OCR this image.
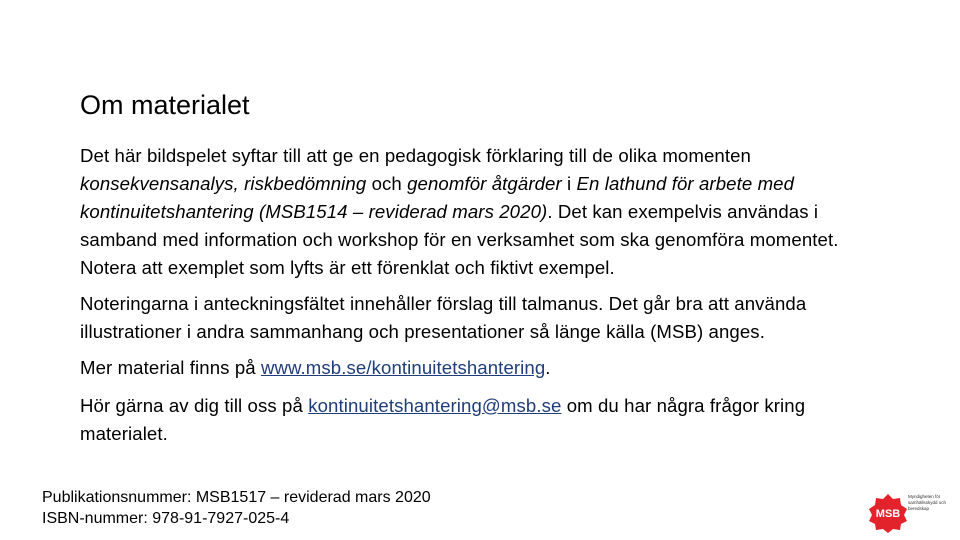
Om materialet

Det här bildspelet syftar till att ge en pedagogisk förklaring till de olika momenten konsekvensanalys, riskbedömning och genomför åtgärder i En lathund för arbete med kontinuitetshantering (MSB1514 – reviderad mars 2020). Det kan exempelvis användas i samband med information och workshop för en verksamhet som ska genomföra momentet. Notera att exemplet som lyfts är ett förenklat och fiktivt exempel.

Noteringarna i anteckningsfältet innehåller förslag till talmanus. Det går bra att använda illustrationer i andra sammanhang och presentationer så länge källa (MSB) anges.

Mer material finns på www.msb.se/kontinuitetshantering.

Hör gärna av dig till oss på kontinuitetshantering@msb.se om du har några frågor kring materialet.

Publikationsnummer: MSB1517 – reviderad mars 2020
ISBN-nummer: 978-91-7927-025-4	MSB
Myndigheten för samhällsskydd och beredskap
